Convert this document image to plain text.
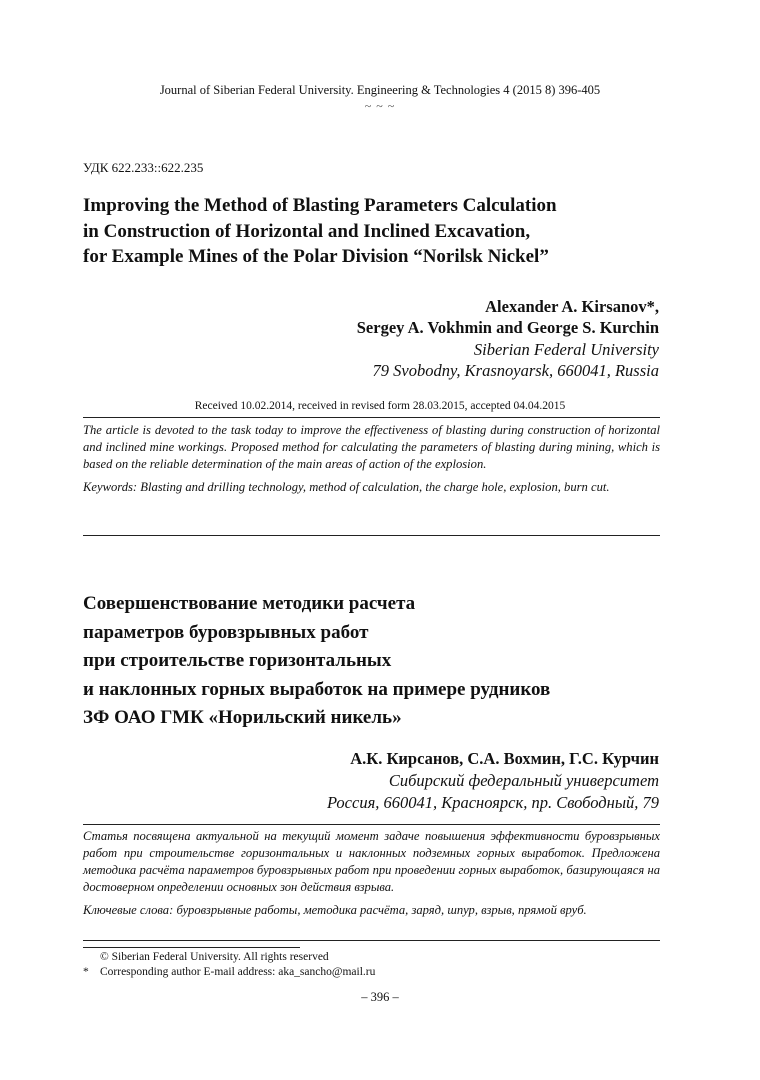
Journal of Siberian Federal University. Engineering & Technologies 4 (2015 8) 396-405
~ ~ ~
УДК 622.233::622.235
Improving the Method of Blasting Parameters Calculation
in Construction of Horizontal and Inclined Excavation,
for Example Mines of the Polar Division “Norilsk Nickel”
Alexander A. Kirsanov*,
Sergey A. Vokhmin and George S. Kurchin
Siberian Federal University
79 Svobodny, Krasnoyarsk, 660041, Russia
Received 10.02.2014, received in revised form 28.03.2015, accepted 04.04.2015

The article is devoted to the task today to improve the effectiveness of blasting during construction of horizontal and inclined mine workings. Proposed method for calculating the parameters of blasting during mining, which is based on the reliable determination of the main areas of action of the explosion.

Keywords: Blasting and drilling technology, method of calculation, the charge hole, explosion, burn cut.

Совершенствование методики расчета
параметров буровзрывных работ
при строительстве горизонтальных
и наклонных горных выработок на примере рудников
ЗФ ОАО ГМК «Норильский никель»
А.К. Кирсанов, С.А. Вохмин, Г.С. Курчин
Сибирский федеральный университет
Россия, 660041, Красноярск, пр. Свободный, 79

Статья посвящена актуальной на текущий момент задаче повышения эффективности буровзрывных работ при строительстве горизонтальных и наклонных подземных горных выработок. Предложена методика расчёта параметров буровзрывных работ при проведении горных выработок, базирующаяся на достоверном определении основных зон действия взрыва.

Ключевые слова: буровзрывные работы, методика расчёта, заряд, шпур, взрыв, прямой вруб.

© Siberian Federal University. All rights reserved
* Corresponding author E-mail address: aka_sancho@mail.ru
– 396 –
